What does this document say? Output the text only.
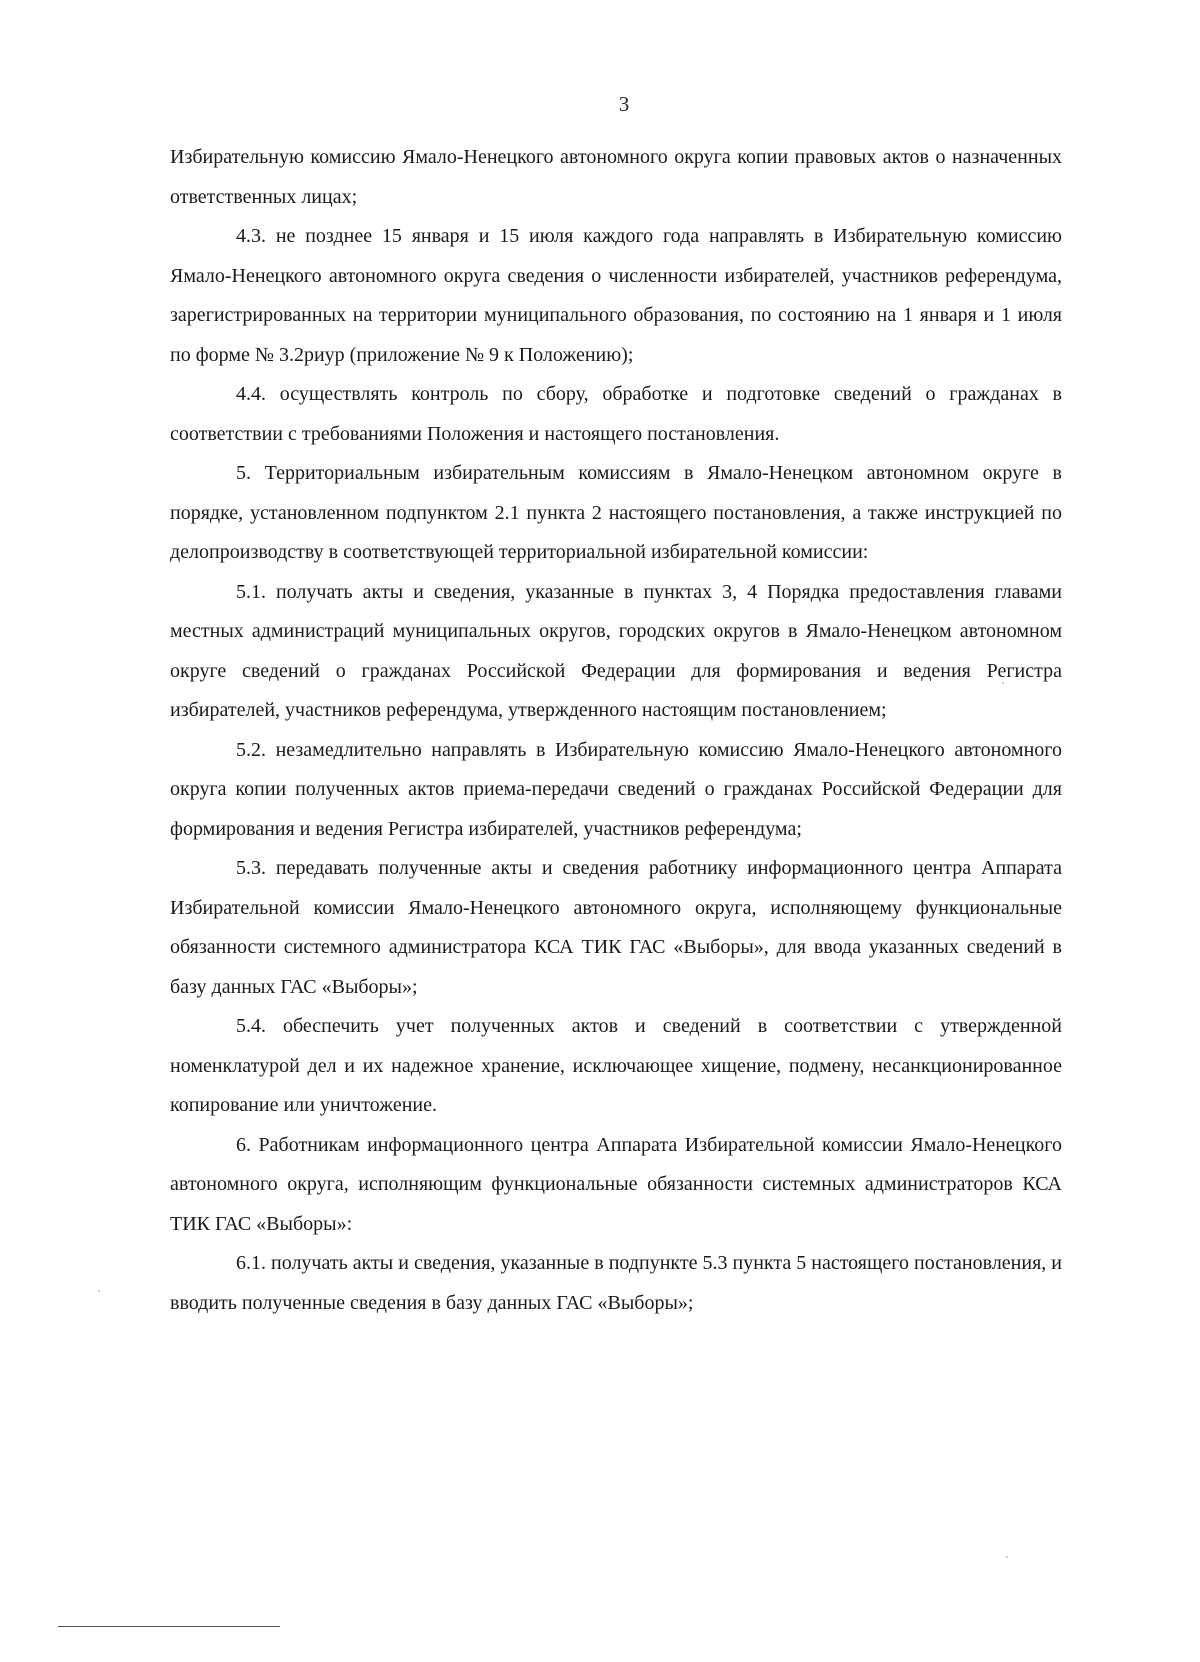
3

Избирательную комиссию Ямало-Ненецкого автономного округа копии правовых актов о назначенных ответственных лицах;

4.3. не позднее 15 января и 15 июля каждого года направлять в Избирательную комиссию Ямало-Ненецкого автономного округа сведения о численности избирателей, участников референдума, зарегистрированных на территории муниципального образования, по состоянию на 1 января и 1 июля по форме № 3.2риур (приложение № 9 к Положению);

4.4. осуществлять контроль по сбору, обработке и подготовке сведений о гражданах в соответствии с требованиями Положения и настоящего постановления.

5. Территориальным избирательным комиссиям в Ямало-Ненецком автономном округе в порядке, установленном подпунктом 2.1 пункта 2 настоящего постановления, а также инструкцией по делопроизводству в соответствующей территориальной избирательной комиссии:

5.1. получать акты и сведения, указанные в пунктах 3, 4 Порядка предоставления главами местных администраций муниципальных округов, городских округов в Ямало-Ненецком автономном округе сведений о гражданах Российской Федерации для формирования и ведения Регистра избирателей, участников референдума, утвержденного настоящим постановлением;

5.2. незамедлительно направлять в Избирательную комиссию Ямало-Ненецкого автономного округа копии полученных актов приема-передачи сведений о гражданах Российской Федерации для формирования и ведения Регистра избирателей, участников референдума;

5.3. передавать полученные акты и сведения работнику информационного центра Аппарата Избирательной комиссии Ямало-Ненецкого автономного округа, исполняющему функциональные обязанности системного администратора КСА ТИК ГАС «Выборы», для ввода указанных сведений в базу данных ГАС «Выборы»;

5.4. обеспечить учет полученных актов и сведений в соответствии с утвержденной номенклатурой дел и их надежное хранение, исключающее хищение, подмену, несанкционированное копирование или уничтожение.

6. Работникам информационного центра Аппарата Избирательной комиссии Ямало-Ненецкого автономного округа, исполняющим функциональные обязанности системных администраторов КСА ТИК ГАС «Выборы»:

6.1. получать акты и сведения, указанные в подпункте 5.3 пункта 5 настоящего постановления, и вводить полученные сведения в базу данных ГАС «Выборы»;
